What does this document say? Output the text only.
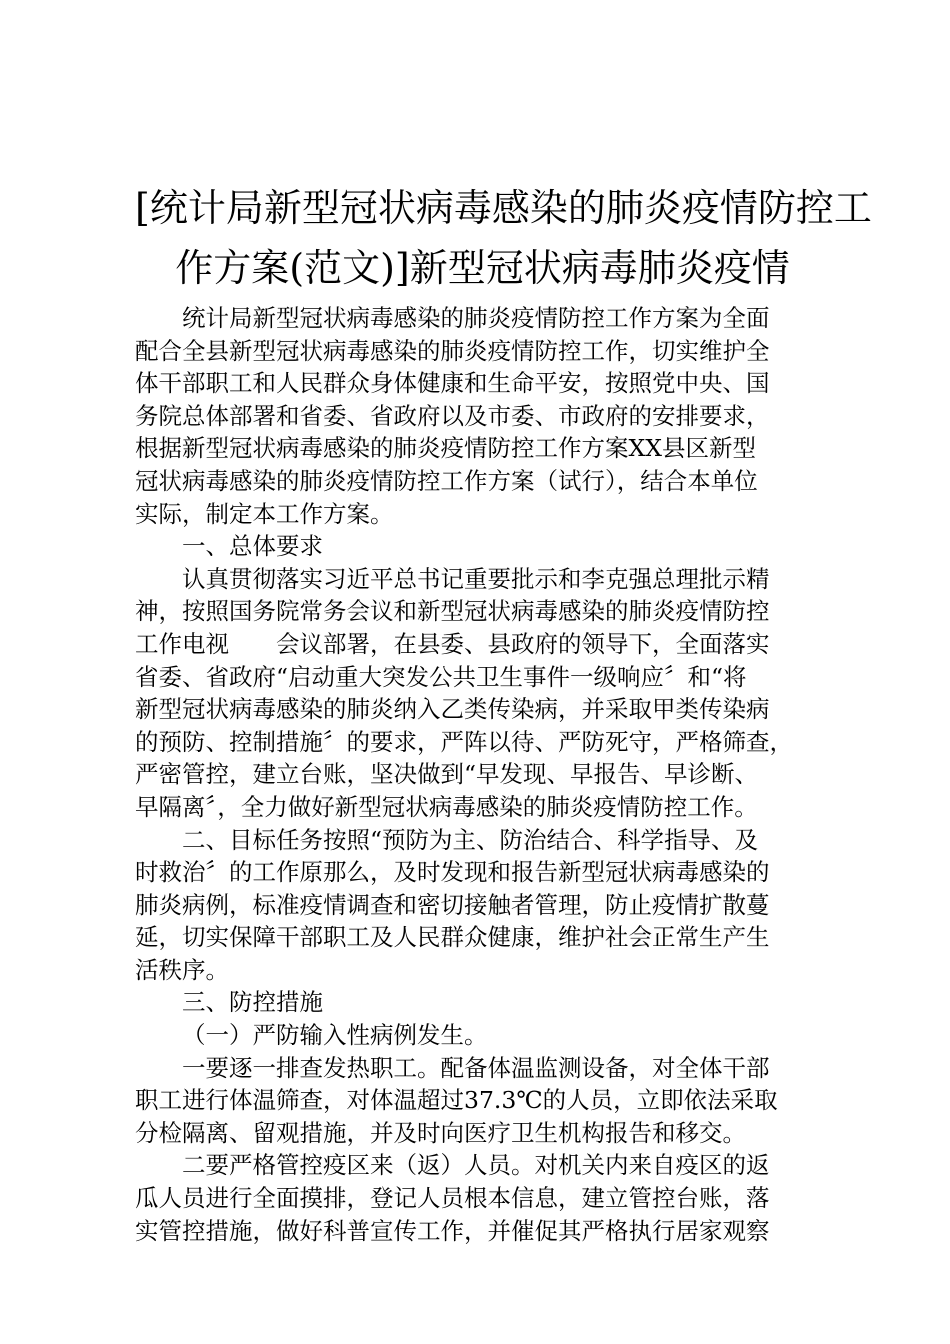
[统计局新型冠状病毒感染的肺炎疫情防控工
作方案(范文)]新型冠状病毒肺炎疫情
统计局新型冠状病毒感染的肺炎疫情防控工作方案为全面
配合全县新型冠状病毒感染的肺炎疫情防控工作，切实维护全
体干部职工和人民群众身体健康和生命平安，按照党中央、国
务院总体部署和省委、省政府以及市委、市政府的安排要求，
根据新型冠状病毒感染的肺炎疫情防控工作方案XX县区新型
冠状病毒感染的肺炎疫情防控工作方案（试行），结合本单位
实际，制定本工作方案。
一、总体要求
认真贯彻落实习近平总书记重要批示和李克强总理批示精
神，按照国务院常务会议和新型冠状病毒感染的肺炎疫情防控
工作电视　　会议部署，在县委、县政府的领导下，全面落实
省委、省政府“启动重大突发公共卫生事件一级响应〞和“将
新型冠状病毒感染的肺炎纳入乙类传染病，并采取甲类传染病
的预防、控制措施〞的要求，严阵以待、严防死守，严格筛查，
严密管控，建立台账，坚决做到“早发现、早报告、早诊断、
早隔离〞，全力做好新型冠状病毒感染的肺炎疫情防控工作。
二、目标任务按照“预防为主、防治结合、科学指导、及
时救治〞的工作原那么，及时发现和报告新型冠状病毒感染的
肺炎病例，标准疫情调查和密切接触者管理，防止疫情扩散蔓
延，切实保障干部职工及人民群众健康，维护社会正常生产生
活秩序。
三、防控措施
（一）严防输入性病例发生。
一要逐一排查发热职工。配备体温监测设备，对全体干部
职工进行体温筛查，对体温超过37.3℃的人员，立即依法采取
分检隔离、留观措施，并及时向医疗卫生机构报告和移交。
二要严格管控疫区来（返）人员。对机关内来自疫区的返
瓜人员进行全面摸排，登记人员根本信息，建立管控台账，落
实管控措施，做好科普宣传工作，并催促其严格执行居家观察
